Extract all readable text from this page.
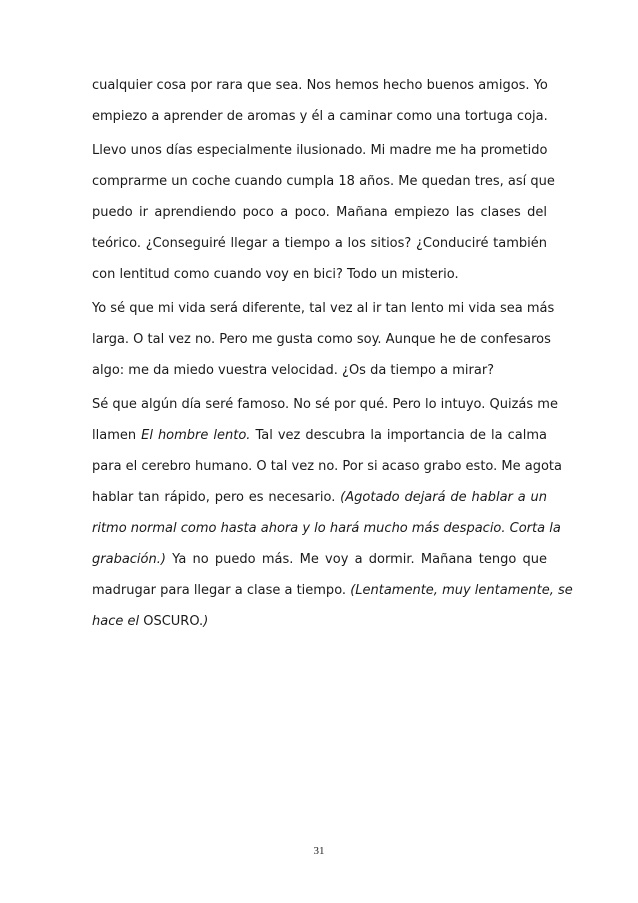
cualquier cosa por rara que sea. Nos hemos hecho buenos amigos. Yo
empiezo a aprender de aromas y él a caminar como una tortuga coja.
Llevo unos días especialmente ilusionado. Mi madre me ha prometido
comprarme un coche cuando cumpla 18 años. Me quedan tres, así que
puedo ir aprendiendo poco a poco. Mañana empiezo las clases del
teórico. ¿Conseguiré llegar a tiempo a los sitios? ¿Conduciré también
con lentitud como cuando voy en bici? Todo un misterio.
Yo sé que mi vida será diferente, tal vez al ir tan lento mi vida sea más
larga. O tal vez no. Pero me gusta como soy. Aunque he de confesaros
algo: me da miedo vuestra velocidad. ¿Os da tiempo a mirar?
Sé que algún día seré famoso. No sé por qué. Pero lo intuyo. Quizás me
llamen El hombre lento. Tal vez descubra la importancia de la calma
para el cerebro humano. O tal vez no. Por si acaso grabo esto. Me agota
hablar tan rápido, pero es necesario. (Agotado dejará de hablar a un
ritmo normal como hasta ahora y lo hará mucho más despacio. Corta la
grabación.) Ya no puedo más. Me voy a dormir. Mañana tengo que
madrugar para llegar a clase a tiempo. (Lentamente, muy lentamente, se
hace el OSCURO.)
31
